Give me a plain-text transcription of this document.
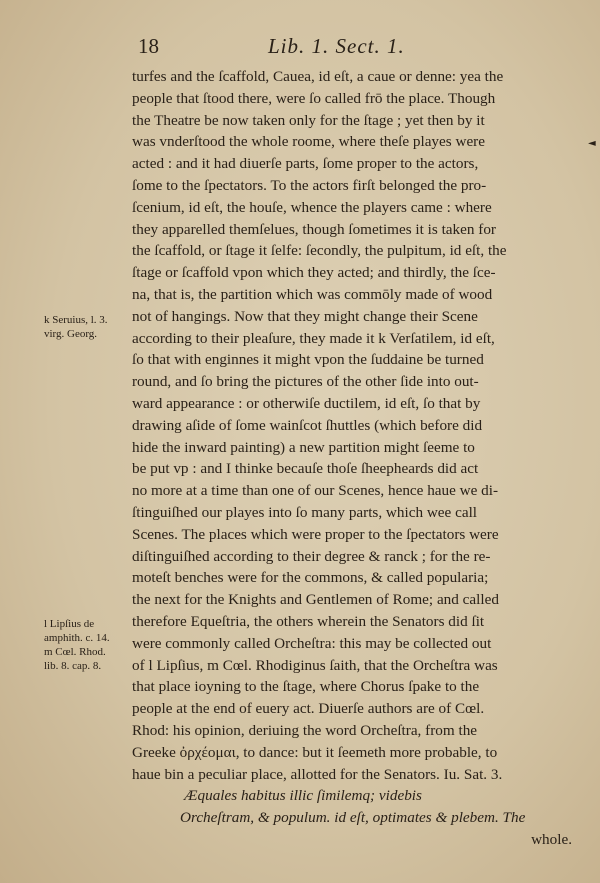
18	Lib. 1. Sect. 1.
turfes and the ſcaffold, Cauea, id eſt, a caue or denne: yea the
people that ſtood there, were ſo called frō the place. Though
the Theatre be now taken only for the ſtage ; yet then by it
was vnderſtood the whole roome, where theſe playes were
acted : and it had diuerſe parts, ſome proper to the actors,
ſome to the ſpectators. To the actors firſt belonged the pro-
ſcenium, id eſt, the houſe, whence the players came : where
they apparelled themſelues, though ſometimes it is taken for
the ſcaffold, or ſtage it ſelfe: ſecondly, the pulpitum, id eſt, the
ſtage or ſcaffold vpon which they acted; and thirdly, the ſce-
na, that is, the partition which was commōly made of wood
not of hangings. Now that they might change their Scene
according to their pleaſure, they made it k Verſatilem, id eſt,
ſo that with enginnes it might vpon the ſuddaine be turned
round, and ſo bring the pictures of the other ſide into out-
ward appearance : or otherwiſe ductilem, id eſt, ſo that by
drawing aſide of ſome wainſcot ſhuttles (which before did
hide the inward painting) a new partition might ſeeme to
be put vp : and I thinke becauſe thoſe ſheepheards did act
no more at a time than one of our Scenes, hence haue we di-
ſtinguiſhed our playes into ſo many parts, which wee call
Scenes. The places which were proper to the ſpectators were
diſtinguiſhed according to their degree & ranck ; for the re-
moteſt benches were for the commons, & called popularia;
the next for the Knights and Gentlemen of Rome; and called
therefore Equeſtria, the others wherein the Senators did ſit
were commonly called Orcheſtra: this may be collected out
of l Lipſius, m Cœl. Rhodiginus ſaith, that the Orcheſtra was
that place ioyning to the ſtage, where Chorus ſpake to the
people at the end of euery act. Diuerſe authors are of Cœl.
Rhod: his opinion, deriuing the word Orcheſtra, from the
Greeke ὀρχέομαι, to dance: but it ſeemeth more probable, to
haue bin a peculiar place, allotted for the Senators. Iu. Sat. 3.
Æquales habitus illic ſimilemq; videbis
Orcheſtram, & populum. id eſt, optimates & plebem. The
whole.
k Seruius, l. 3.
virg. Georg.
l Lipſius de
amphith. c. 14.
m Cœl. Rhod.
lib. 8. cap. 8.
◄
